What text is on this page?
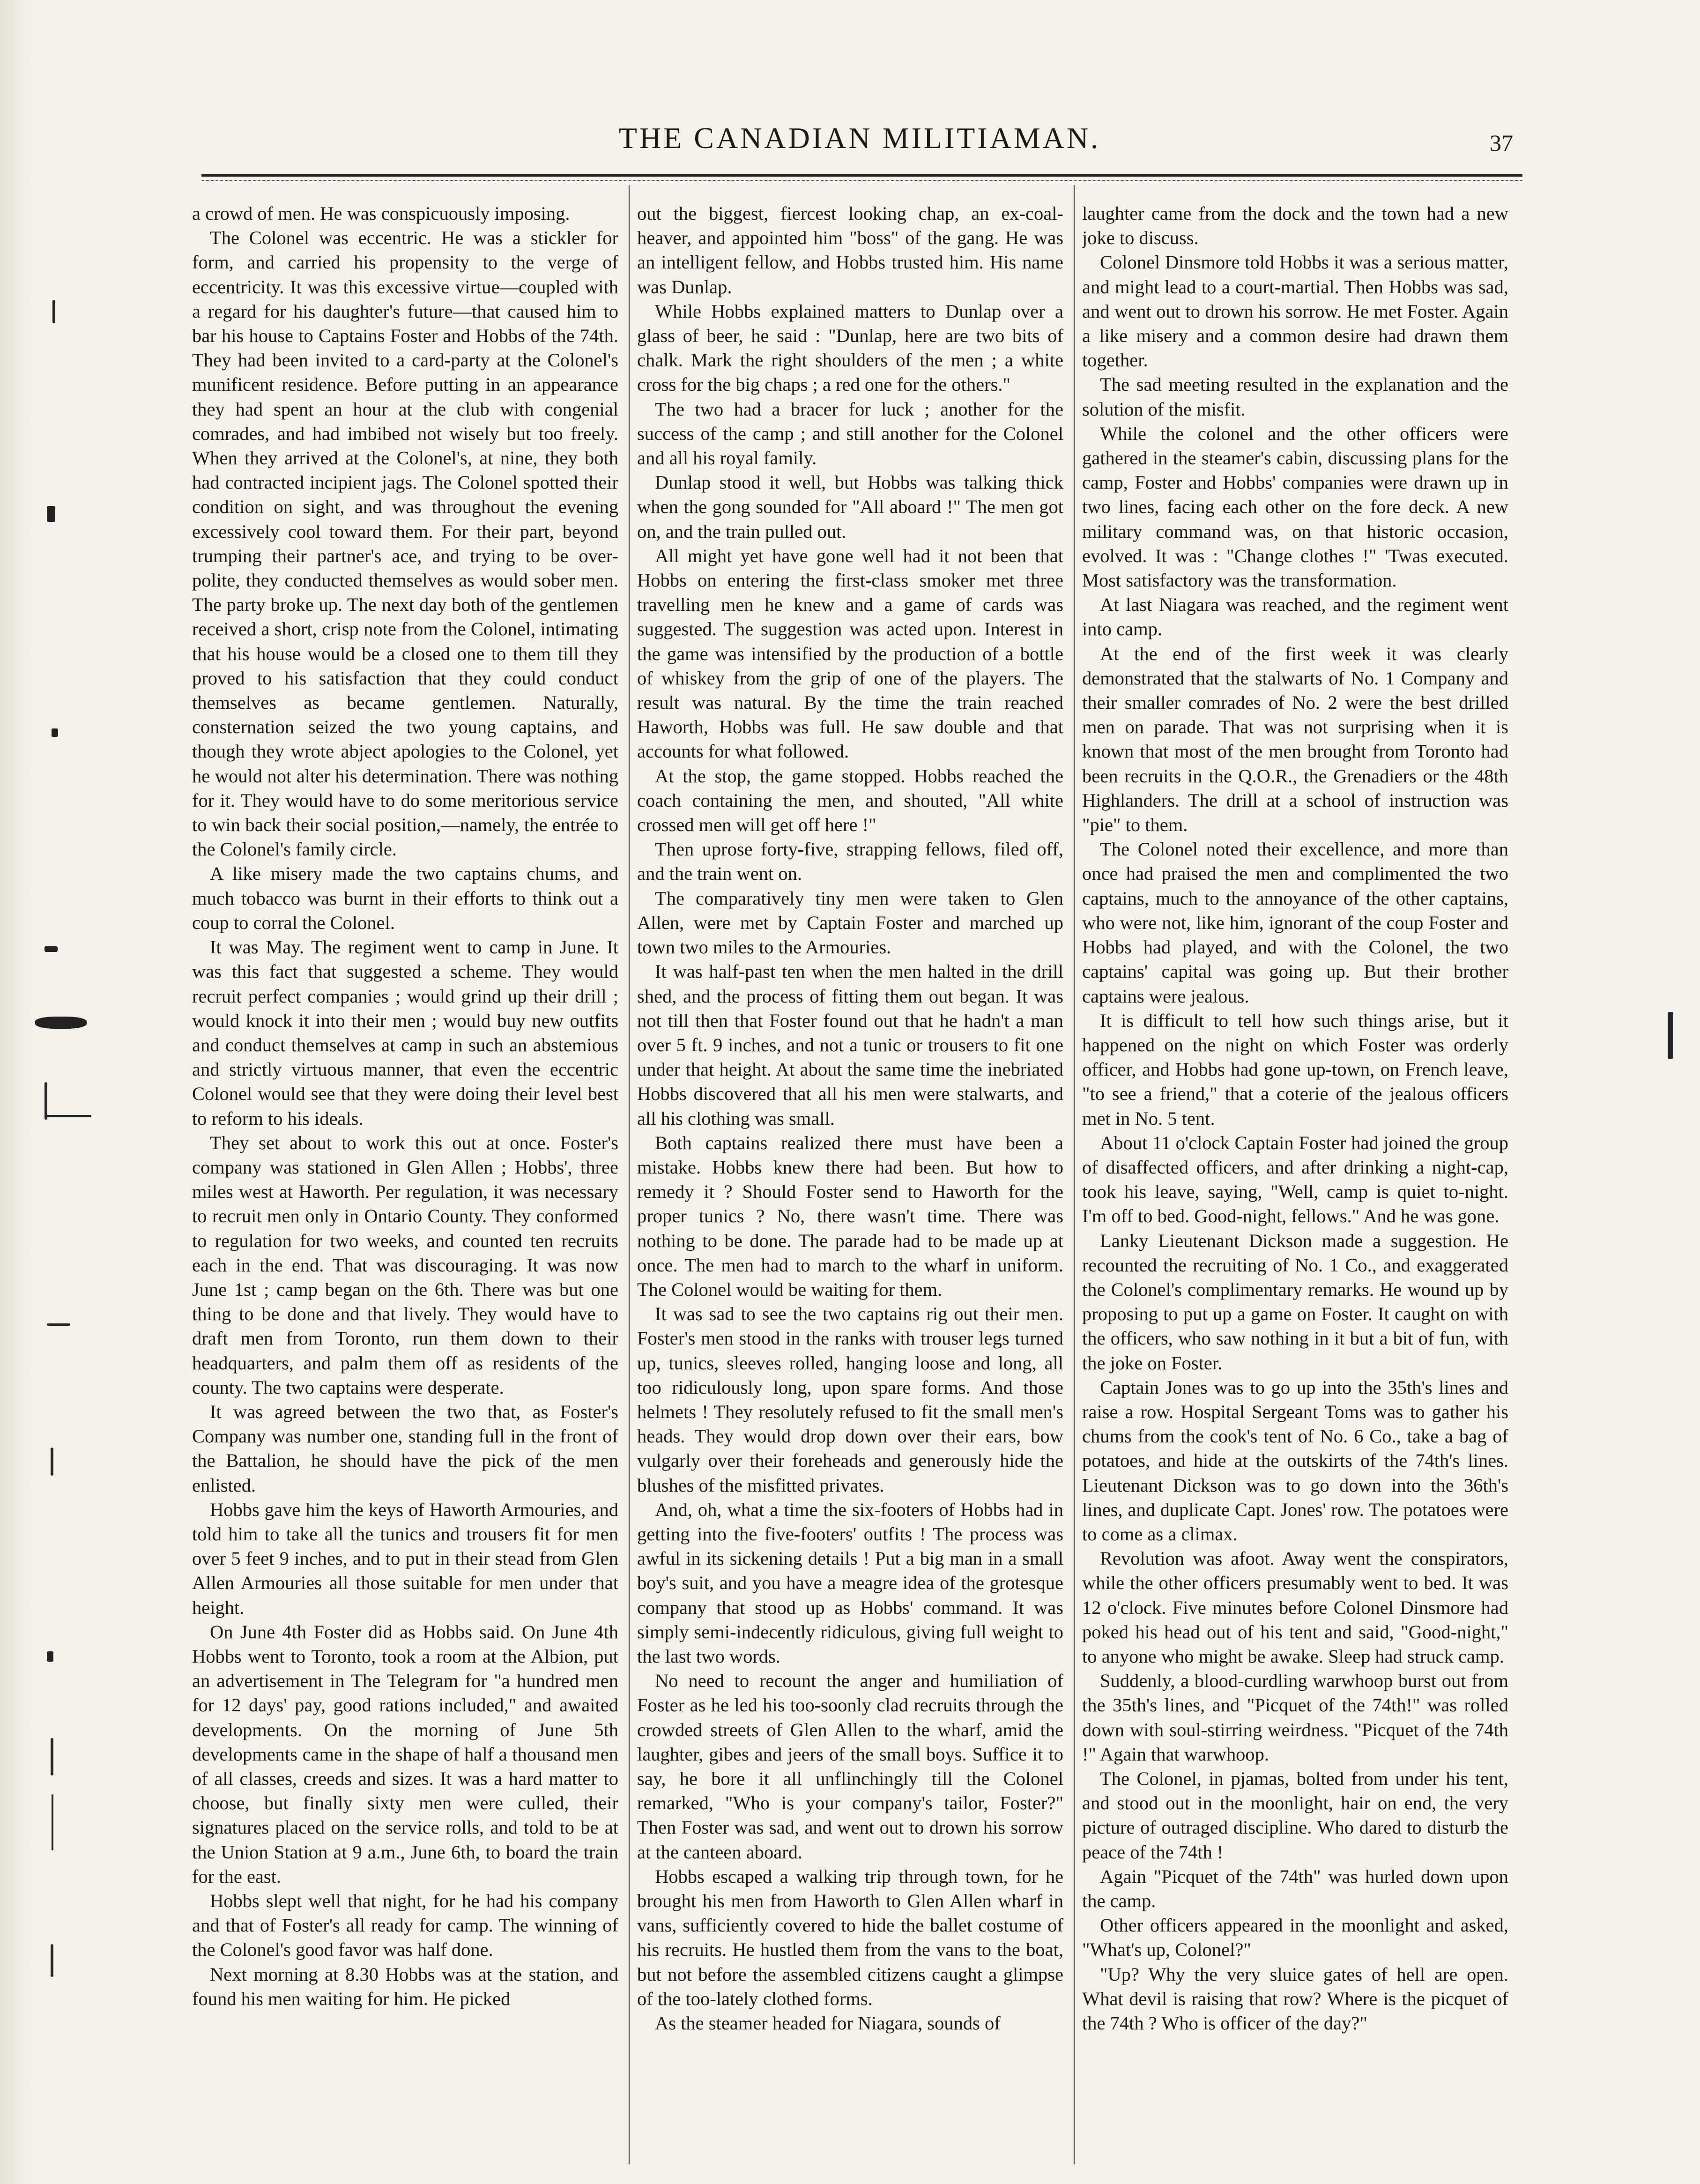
THE CANADIAN MILITIAMAN.	37

a crowd of men. He was conspicuously imposing.

The Colonel was eccentric. He was a stickler for form, and carried his propensity to the verge of eccentricity. It was this excessive virtue—coupled with a regard for his daughter's future—that caused him to bar his house to Captains Foster and Hobbs of the 74th. They had been invited to a card-party at the Colonel's munificent residence. Before putting in an appearance they had spent an hour at the club with congenial comrades, and had imbibed not wisely but too freely. When they arrived at the Colonel's, at nine, they both had contracted incipient jags. The Colonel spotted their condition on sight, and was throughout the evening excessively cool toward them. For their part, beyond trumping their partner's ace, and trying to be over-polite, they conducted themselves as would sober men. The party broke up. The next day both of the gentlemen received a short, crisp note from the Colonel, intimating that his house would be a closed one to them till they proved to his satisfaction that they could conduct themselves as became gentlemen. Naturally, consternation seized the two young captains, and though they wrote abject apologies to the Colonel, yet he would not alter his determination. There was nothing for it. They would have to do some meritorious service to win back their social position,—namely, the entrée to the Colonel's family circle.

A like misery made the two captains chums, and much tobacco was burnt in their efforts to think out a coup to corral the Colonel.

It was May. The regiment went to camp in June. It was this fact that suggested a scheme. They would recruit perfect companies ; would grind up their drill ; would knock it into their men ; would buy new outfits and conduct themselves at camp in such an abstemious and strictly virtuous manner, that even the eccentric Colonel would see that they were doing their level best to reform to his ideals.

They set about to work this out at once. Foster's company was stationed in Glen Allen ; Hobbs', three miles west at Haworth. Per regulation, it was necessary to recruit men only in Ontario County. They conformed to regulation for two weeks, and counted ten recruits each in the end. That was discouraging. It was now June 1st ; camp began on the 6th. There was but one thing to be done and that lively. They would have to draft men from Toronto, run them down to their headquarters, and palm them off as residents of the county. The two captains were desperate.

It was agreed between the two that, as Foster's Company was number one, standing full in the front of the Battalion, he should have the pick of the men enlisted.

Hobbs gave him the keys of Haworth Armouries, and told him to take all the tunics and trousers fit for men over 5 feet 9 inches, and to put in their stead from Glen Allen Armouries all those suitable for men under that height.

On June 4th Foster did as Hobbs said. On June 4th Hobbs went to Toronto, took a room at the Albion, put an advertisement in The Telegram for "a hundred men for 12 days' pay, good rations included," and awaited developments. On the morning of June 5th developments came in the shape of half a thousand men of all classes, creeds and sizes. It was a hard matter to choose, but finally sixty men were culled, their signatures placed on the service rolls, and told to be at the Union Station at 9 a.m., June 6th, to board the train for the east.

Hobbs slept well that night, for he had his company and that of Foster's all ready for camp. The winning of the Colonel's good favor was half done.

Next morning at 8.30 Hobbs was at the station, and found his men waiting for him. He picked

out the biggest, fiercest looking chap, an ex-coal-heaver, and appointed him "boss" of the gang. He was an intelligent fellow, and Hobbs trusted him. His name was Dunlap.

While Hobbs explained matters to Dunlap over a glass of beer, he said : "Dunlap, here are two bits of chalk. Mark the right shoulders of the men ; a white cross for the big chaps ; a red one for the others."

The two had a bracer for luck ; another for the success of the camp ; and still another for the Colonel and all his royal family.

Dunlap stood it well, but Hobbs was talking thick when the gong sounded for "All aboard !" The men got on, and the train pulled out.

All might yet have gone well had it not been that Hobbs on entering the first-class smoker met three travelling men he knew and a game of cards was suggested. The suggestion was acted upon. Interest in the game was intensified by the production of a bottle of whiskey from the grip of one of the players. The result was natural. By the time the train reached Haworth, Hobbs was full. He saw double and that accounts for what followed.

At the stop, the game stopped. Hobbs reached the coach containing the men, and shouted, "All white crossed men will get off here !"

Then uprose forty-five, strapping fellows, filed off, and the train went on.

The comparatively tiny men were taken to Glen Allen, were met by Captain Foster and marched up town two miles to the Armouries.

It was half-past ten when the men halted in the drill shed, and the process of fitting them out began. It was not till then that Foster found out that he hadn't a man over 5 ft. 9 inches, and not a tunic or trousers to fit one under that height. At about the same time the inebriated Hobbs discovered that all his men were stalwarts, and all his clothing was small.

Both captains realized there must have been a mistake. Hobbs knew there had been. But how to remedy it ? Should Foster send to Haworth for the proper tunics ? No, there wasn't time. There was nothing to be done. The parade had to be made up at once. The men had to march to the wharf in uniform. The Colonel would be waiting for them.

It was sad to see the two captains rig out their men. Foster's men stood in the ranks with trouser legs turned up, tunics, sleeves rolled, hanging loose and long, all too ridiculously long, upon spare forms. And those helmets ! They resolutely refused to fit the small men's heads. They would drop down over their ears, bow vulgarly over their foreheads and generously hide the blushes of the misfitted privates.

And, oh, what a time the six-footers of Hobbs had in getting into the five-footers' outfits ! The process was awful in its sickening details ! Put a big man in a small boy's suit, and you have a meagre idea of the grotesque company that stood up as Hobbs' command. It was simply semi-indecently ridiculous, giving full weight to the last two words.

No need to recount the anger and humiliation of Foster as he led his too-soonly clad recruits through the crowded streets of Glen Allen to the wharf, amid the laughter, gibes and jeers of the small boys. Suffice it to say, he bore it all unflinchingly till the Colonel remarked, "Who is your company's tailor, Foster?" Then Foster was sad, and went out to drown his sorrow at the canteen aboard.

Hobbs escaped a walking trip through town, for he brought his men from Haworth to Glen Allen wharf in vans, sufficiently covered to hide the ballet costume of his recruits. He hustled them from the vans to the boat, but not before the assembled citizens caught a glimpse of the too-lately clothed forms.

As the steamer headed for Niagara, sounds of

laughter came from the dock and the town had a new joke to discuss.

Colonel Dinsmore told Hobbs it was a serious matter, and might lead to a court-martial. Then Hobbs was sad, and went out to drown his sorrow. He met Foster. Again a like misery and a common desire had drawn them together.

The sad meeting resulted in the explanation and the solution of the misfit.

While the colonel and the other officers were gathered in the steamer's cabin, discussing plans for the camp, Foster and Hobbs' companies were drawn up in two lines, facing each other on the fore deck. A new military command was, on that historic occasion, evolved. It was : "Change clothes !" 'Twas executed. Most satisfactory was the transformation.

At last Niagara was reached, and the regiment went into camp.

At the end of the first week it was clearly demonstrated that the stalwarts of No. 1 Company and their smaller comrades of No. 2 were the best drilled men on parade. That was not surprising when it is known that most of the men brought from Toronto had been recruits in the Q.O.R., the Grenadiers or the 48th Highlanders. The drill at a school of instruction was "pie" to them.

The Colonel noted their excellence, and more than once had praised the men and complimented the two captains, much to the annoyance of the other captains, who were not, like him, ignorant of the coup Foster and Hobbs had played, and with the Colonel, the two captains' capital was going up. But their brother captains were jealous.

It is difficult to tell how such things arise, but it happened on the night on which Foster was orderly officer, and Hobbs had gone up-town, on French leave, "to see a friend," that a coterie of the jealous officers met in No. 5 tent.

About 11 o'clock Captain Foster had joined the group of disaffected officers, and after drinking a night-cap, took his leave, saying, "Well, camp is quiet to-night. I'm off to bed. Good-night, fellows." And he was gone.

Lanky Lieutenant Dickson made a suggestion. He recounted the recruiting of No. 1 Co., and exaggerated the Colonel's complimentary remarks. He wound up by proposing to put up a game on Foster. It caught on with the officers, who saw nothing in it but a bit of fun, with the joke on Foster.

Captain Jones was to go up into the 35th's lines and raise a row. Hospital Sergeant Toms was to gather his chums from the cook's tent of No. 6 Co., take a bag of potatoes, and hide at the outskirts of the 74th's lines. Lieutenant Dickson was to go down into the 36th's lines, and duplicate Capt. Jones' row. The potatoes were to come as a climax.

Revolution was afoot. Away went the conspirators, while the other officers presumably went to bed. It was 12 o'clock. Five minutes before Colonel Dinsmore had poked his head out of his tent and said, "Good-night," to anyone who might be awake. Sleep had struck camp.

Suddenly, a blood-curdling warwhoop burst out from the 35th's lines, and "Picquet of the 74th!" was rolled down with soul-stirring weirdness. "Picquet of the 74th !" Again that warwhoop.

The Colonel, in pjamas, bolted from under his tent, and stood out in the moonlight, hair on end, the very picture of outraged discipline. Who dared to disturb the peace of the 74th !

Again "Picquet of the 74th" was hurled down upon the camp.

Other officers appeared in the moonlight and asked, "What's up, Colonel?"

"Up? Why the very sluice gates of hell are open. What devil is raising that row? Where is the picquet of the 74th ? Who is officer of the day?"
